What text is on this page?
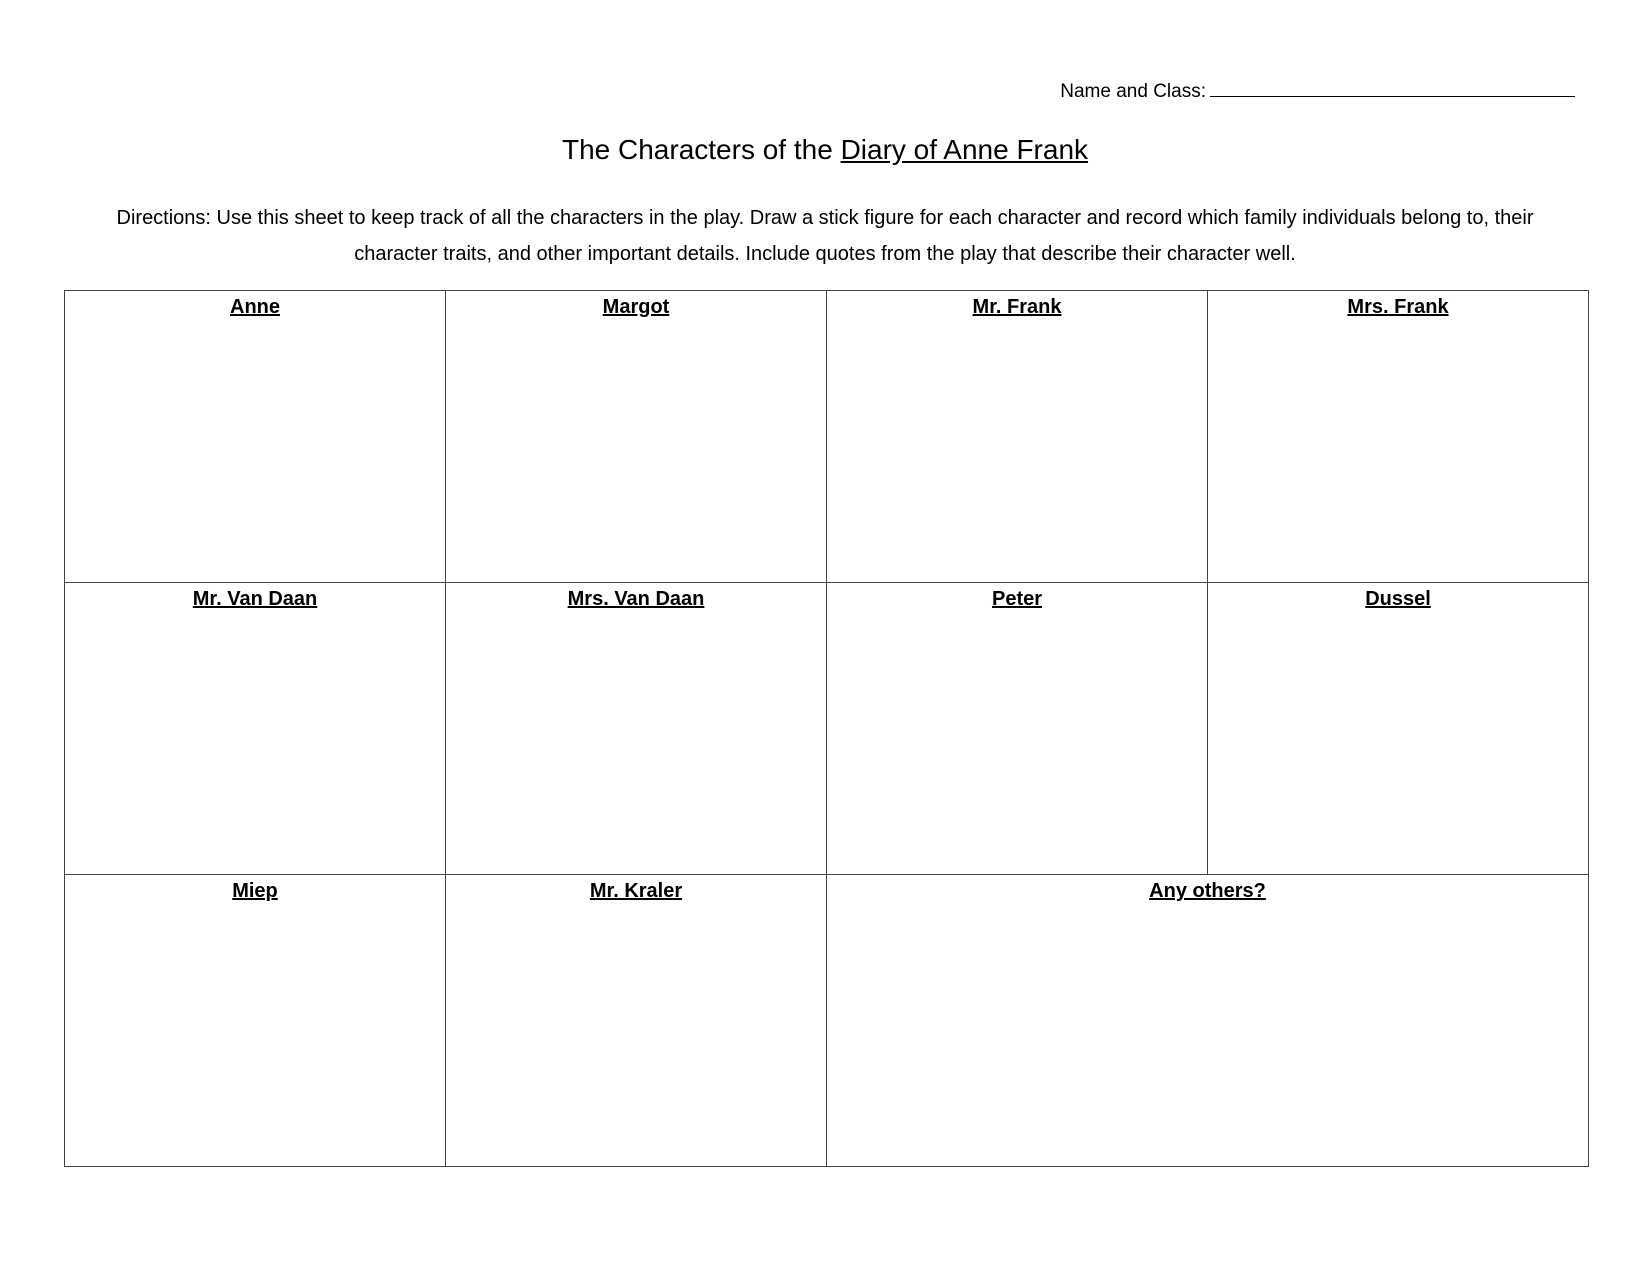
Name and Class:
The Characters of the Diary of Anne Frank
Directions: Use this sheet to keep track of all the characters in the play. Draw a stick figure for each character and record which family individuals belong to, their character traits, and other important details. Include quotes from the play that describe their character well.
Anne	Margot	Mr. Frank	Mrs. Frank
Mr. Van Daan	Mrs. Van Daan	Peter	Dussel
Miep	Mr. Kraler	Any others?	
